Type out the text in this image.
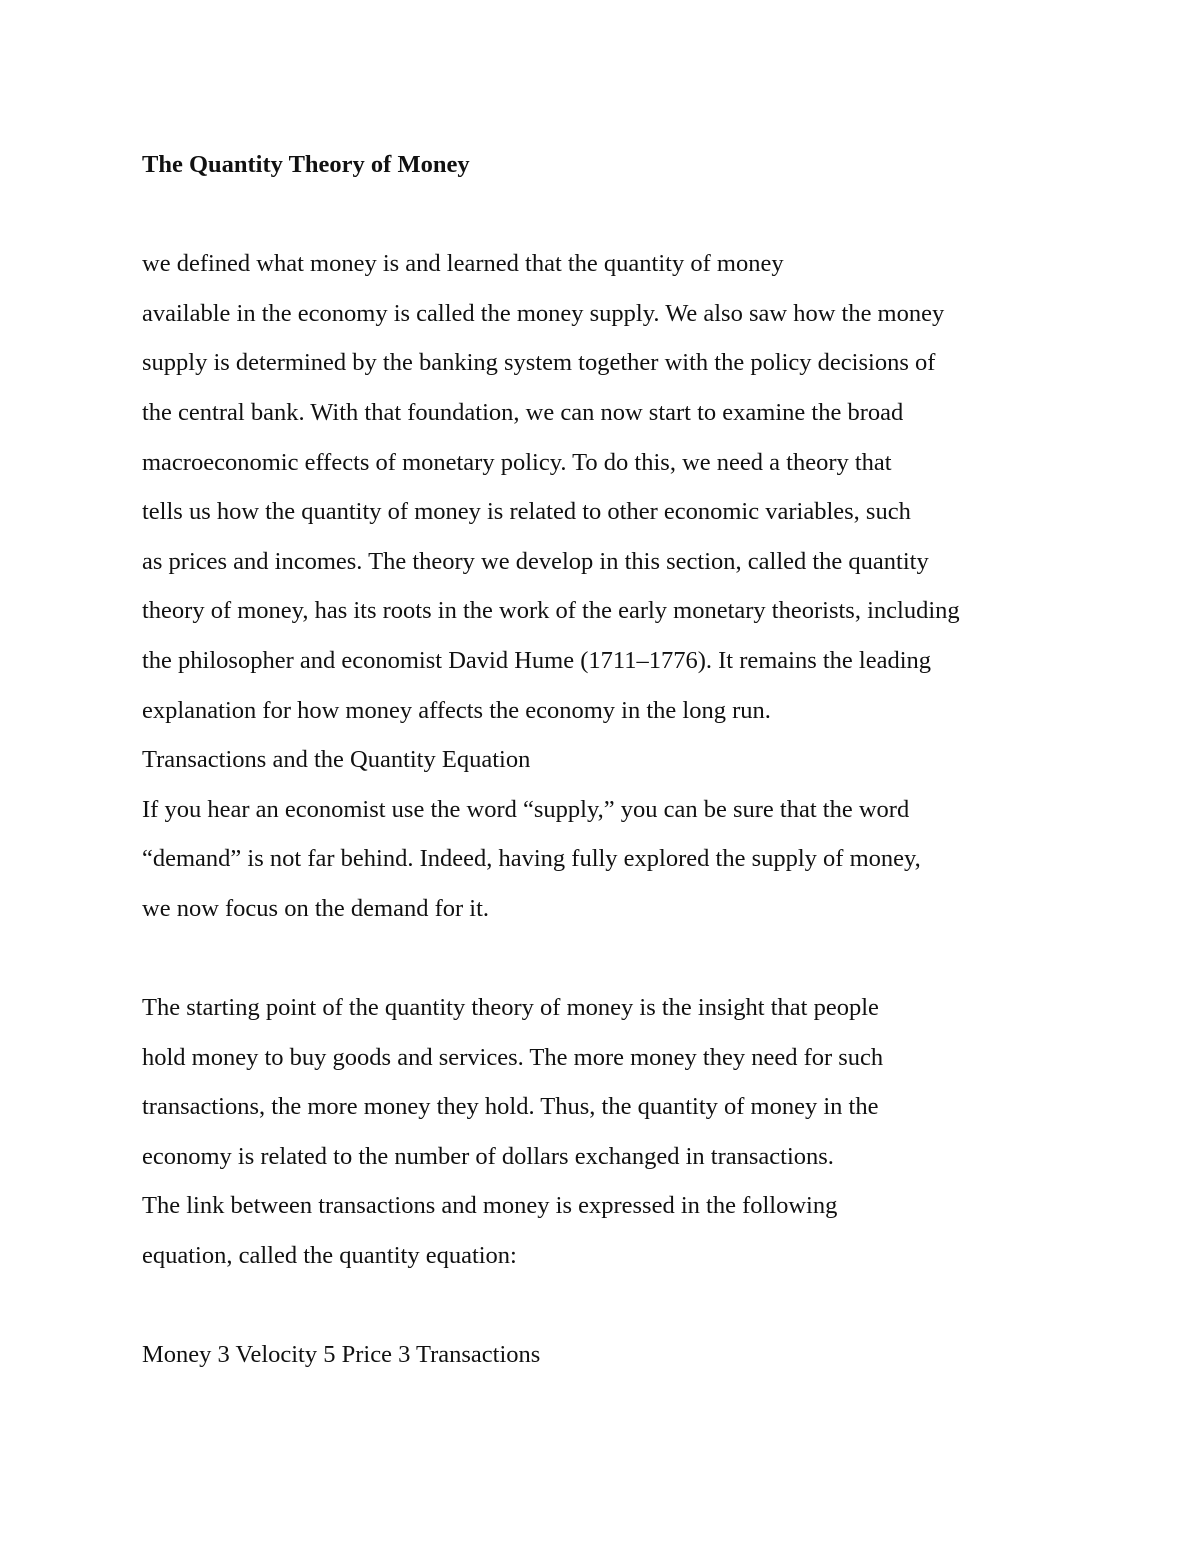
The Quantity Theory of Money
we defined what money is and learned that the quantity of money
available in the economy is called the money supply. We also saw how the money
supply is determined by the banking system together with the policy decisions of
the central bank. With that foundation, we can now start to examine the broad
macroeconomic effects of monetary policy. To do this, we need a theory that
tells us how the quantity of money is related to other economic variables, such
as prices and incomes. The theory we develop in this section, called the quantity
theory of money, has its roots in the work of the early monetary theorists, including
the philosopher and economist David Hume (1711–1776). It remains the leading
explanation for how money affects the economy in the long run.
Transactions and the Quantity Equation
If you hear an economist use the word “supply,” you can be sure that the word
“demand” is not far behind. Indeed, having fully explored the supply of money,
we now focus on the demand for it.
The starting point of the quantity theory of money is the insight that people
hold money to buy goods and services. The more money they need for such
transactions, the more money they hold. Thus, the quantity of money in the
economy is related to the number of dollars exchanged in transactions.
The link between transactions and money is expressed in the following
equation, called the quantity equation:
Money 3 Velocity 5 Price 3 Transactions
